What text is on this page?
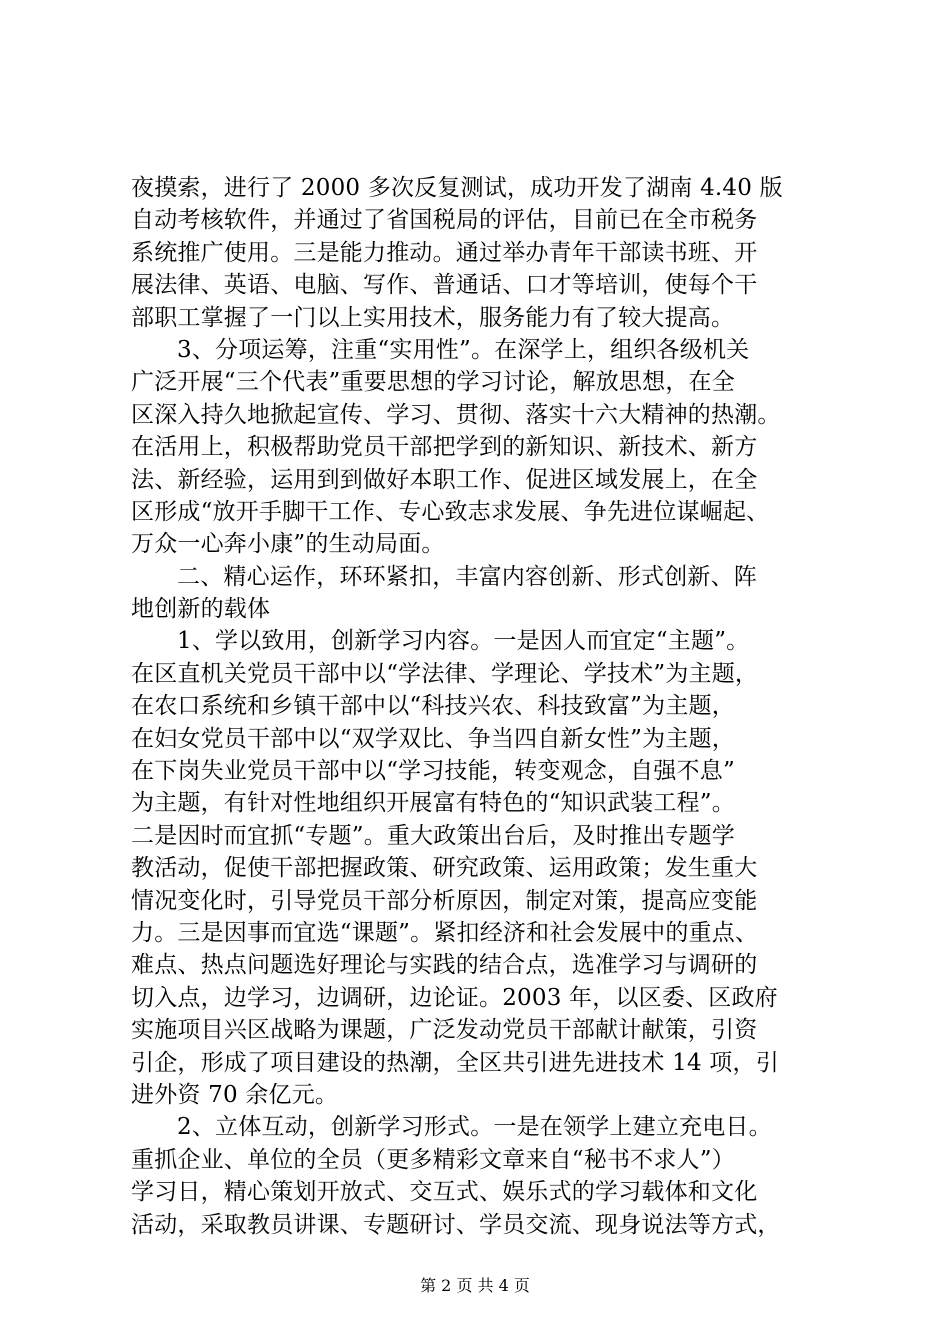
夜摸索，进行了 2000 多次反复测试，成功开发了湖南 4.40 版
自动考核软件，并通过了省国税局的评估，目前已在全市税务
系统推广使用。三是能力推动。通过举办青年干部读书班、开
展法律、英语、电脑、写作、普通话、口才等培训，使每个干
部职工掌握了一门以上实用技术，服务能力有了较大提高。
3、分项运筹，注重“实用性”。在深学上，组织各级机关
广泛开展“三个代表”重要思想的学习讨论，解放思想，在全
区深入持久地掀起宣传、学习、贯彻、落实十六大精神的热潮。
在活用上，积极帮助党员干部把学到的新知识、新技术、新方
法、新经验，运用到到做好本职工作、促进区域发展上，在全
区形成“放开手脚干工作、专心致志求发展、争先进位谋崛起、
万众一心奔小康”的生动局面。
二、精心运作，环环紧扣，丰富内容创新、形式创新、阵
地创新的载体
1、学以致用，创新学习内容。一是因人而宜定“主题”。
在区直机关党员干部中以“学法律、学理论、学技术”为主题，
在农口系统和乡镇干部中以“科技兴农、科技致富”为主题，
在妇女党员干部中以“双学双比、争当四自新女性”为主题，
在下岗失业党员干部中以“学习技能，转变观念，自强不息”
为主题，有针对性地组织开展富有特色的“知识武装工程”。
二是因时而宜抓“专题”。重大政策出台后，及时推出专题学
教活动，促使干部把握政策、研究政策、运用政策；发生重大
情况变化时，引导党员干部分析原因，制定对策，提高应变能
力。三是因事而宜选“课题”。紧扣经济和社会发展中的重点、
难点、热点问题选好理论与实践的结合点，选准学习与调研的
切入点，边学习，边调研，边论证。2003 年，以区委、区政府
实施项目兴区战略为课题，广泛发动党员干部献计献策，引资
引企，形成了项目建设的热潮，全区共引进先进技术 14 项，引
进外资 70 余亿元。
2、立体互动，创新学习形式。一是在领学上建立充电日。
重抓企业、单位的全员（更多精彩文章来自“秘书不求人”）
学习日，精心策划开放式、交互式、娱乐式的学习载体和文化
活动，采取教员讲课、专题研讨、学员交流、现身说法等方式，
第 2 页 共 4 页
